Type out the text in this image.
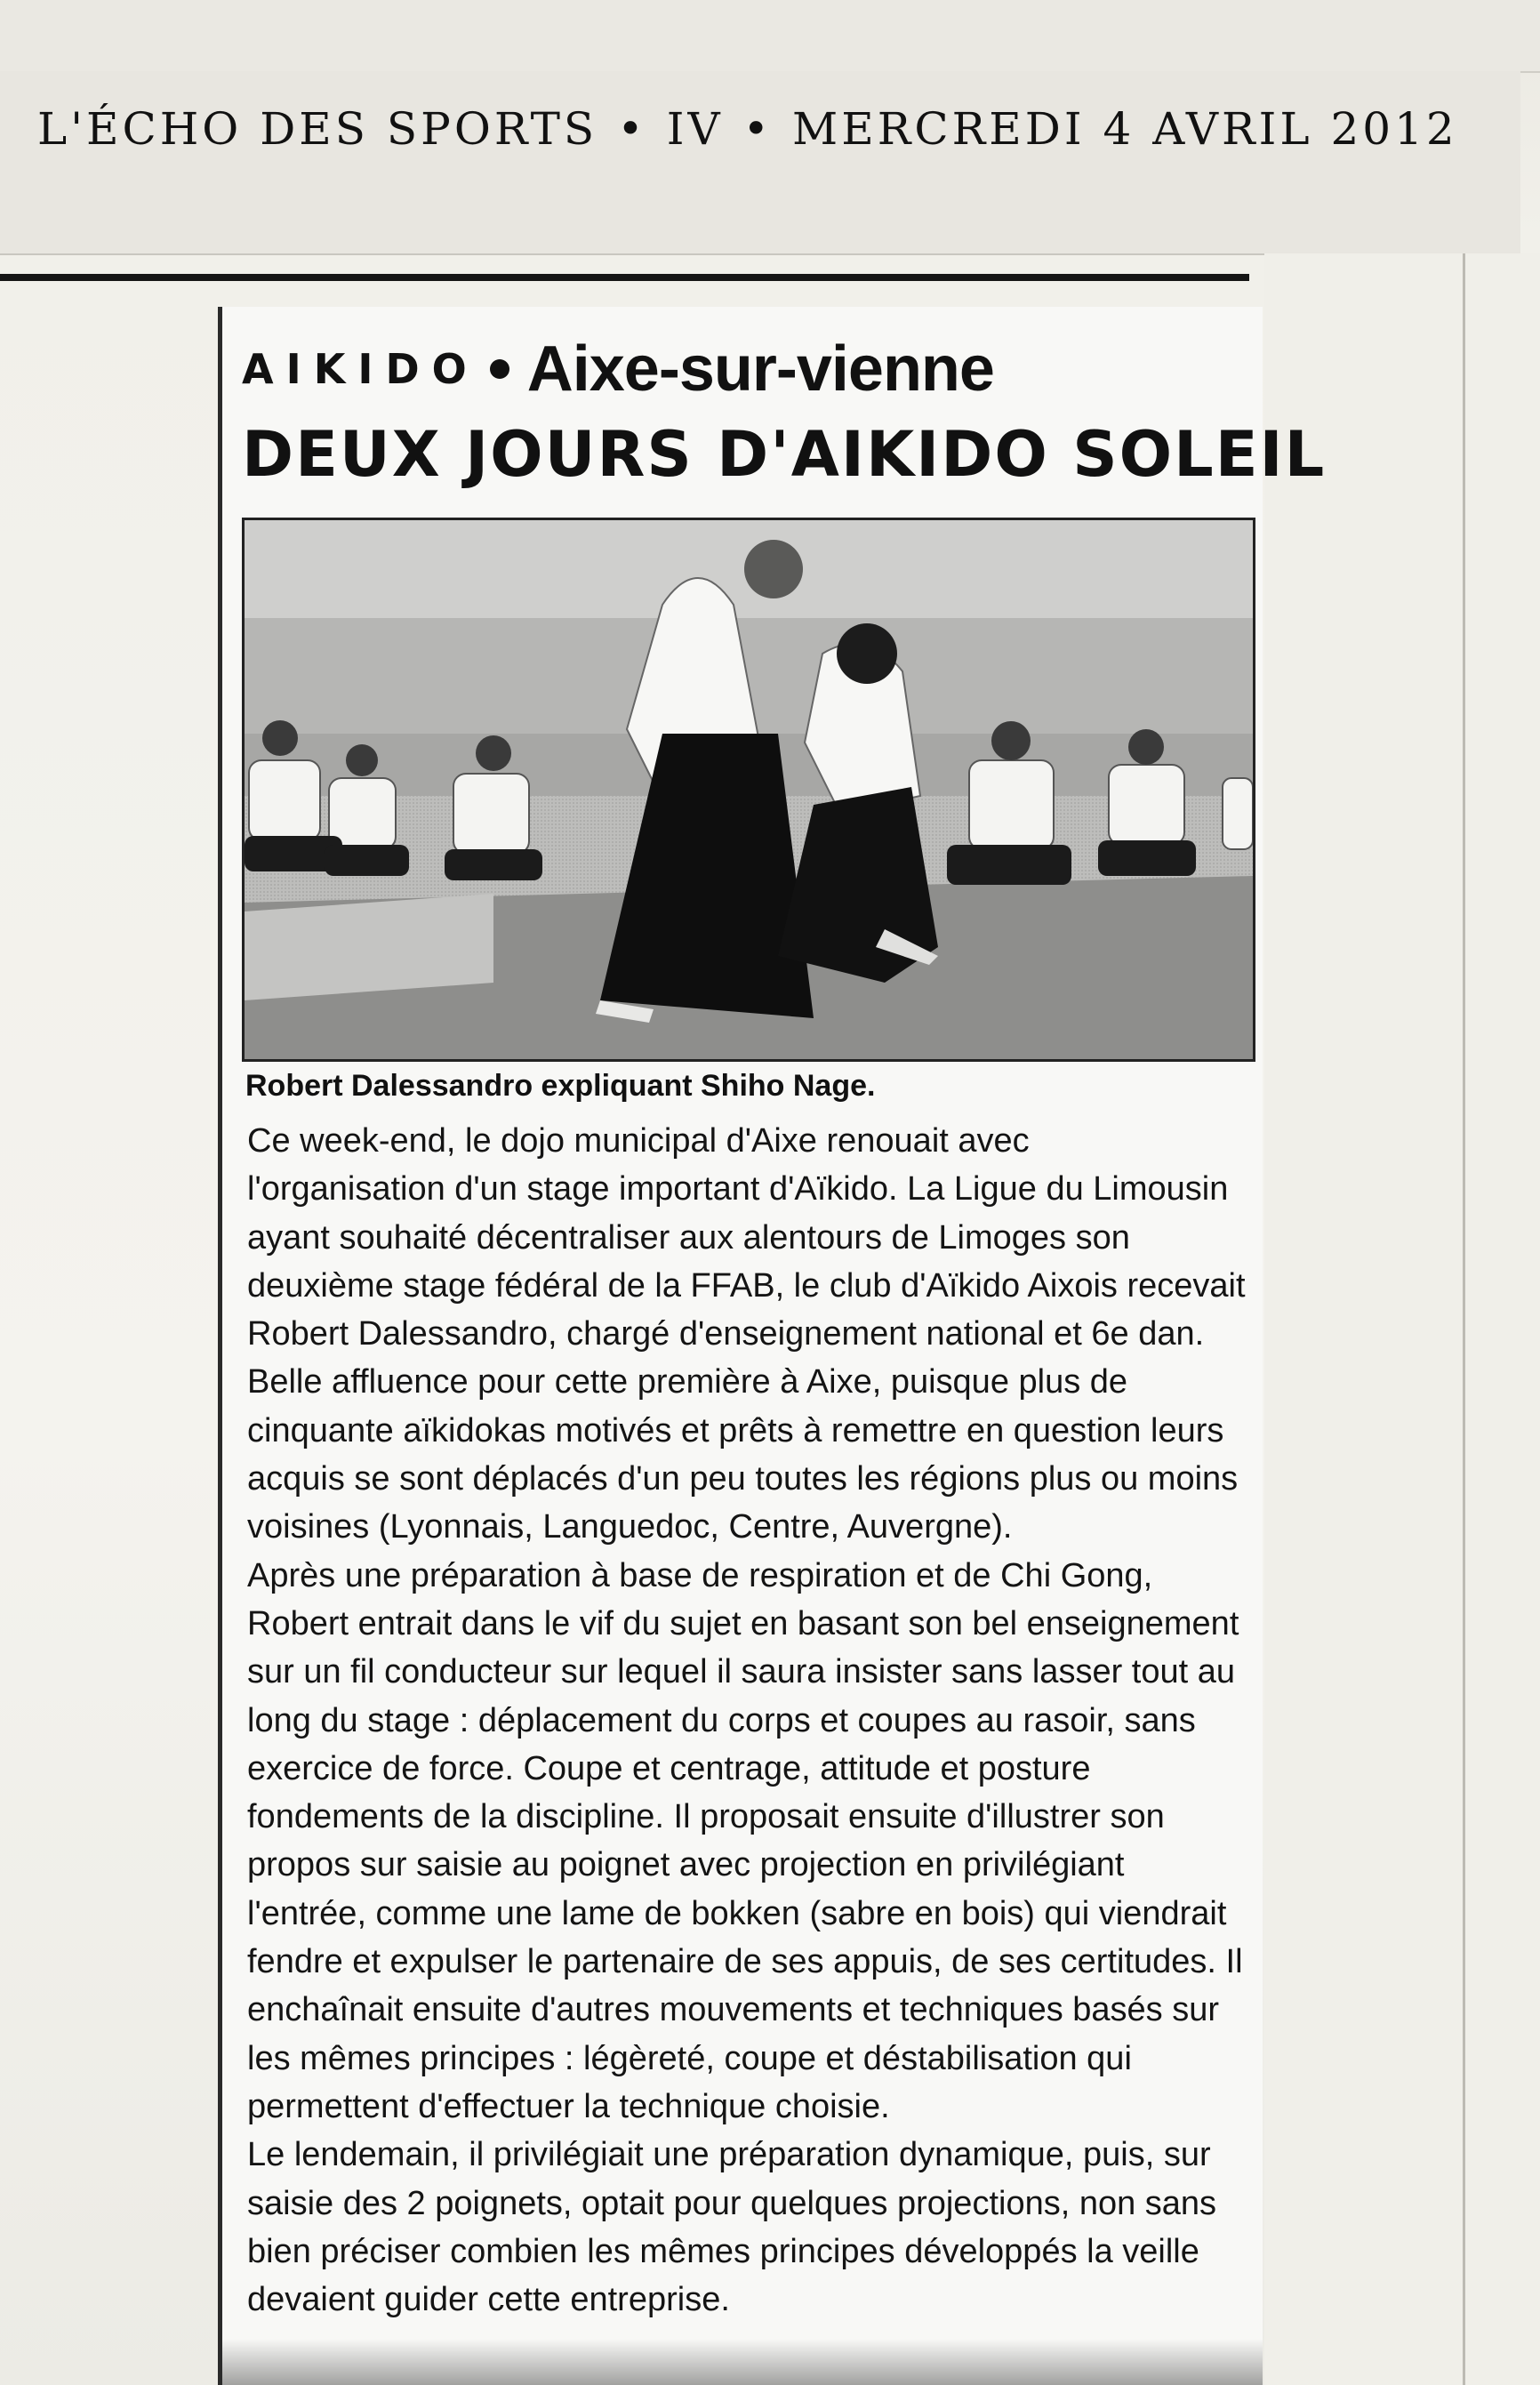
L'ÉCHO DES SPORTS • IV • MERCREDI 4 AVRIL 2012
AIKIDO Aixe-sur-vienne
DEUX JOURS D'AIKIDO SOLEIL
Robert Dalessandro expliquant Shiho Nage.
Ce week-end, le dojo municipal d'Aixe renouait avec
l'organisation d'un stage important d'Aïkido. La Ligue du Limousin
ayant souhaité décentraliser aux alentours de Limoges son
deuxième stage fédéral de la FFAB, le club d'Aïkido Aixois recevait
Robert Dalessandro, chargé d'enseignement national et 6e dan.
Belle affluence pour cette première à Aixe, puisque plus de
cinquante aïkidokas motivés et prêts à remettre en question leurs
acquis se sont déplacés d'un peu toutes les régions plus ou moins
voisines (Lyonnais, Languedoc, Centre, Auvergne).
Après une préparation à base de respiration et de Chi Gong,
Robert entrait dans le vif du sujet en basant son bel enseignement
sur un fil conducteur sur lequel il saura insister sans lasser tout au
long du stage : déplacement du corps et coupes au rasoir, sans
exercice de force. Coupe et centrage, attitude et posture
fondements de la discipline. Il proposait ensuite d'illustrer son
propos sur saisie au poignet avec projection en privilégiant
l'entrée, comme une lame de bokken (sabre en bois) qui viendrait
fendre et expulser le partenaire de ses appuis, de ses certitudes. Il
enchaînait ensuite d'autres mouvements et techniques basés sur
les mêmes principes : légèreté, coupe et déstabilisation qui
permettent d'effectuer la technique choisie.
Le lendemain, il privilégiait une préparation dynamique, puis, sur
saisie des 2 poignets, optait pour quelques projections, non sans
bien préciser combien les mêmes principes développés la veille
devaient guider cette entreprise.
